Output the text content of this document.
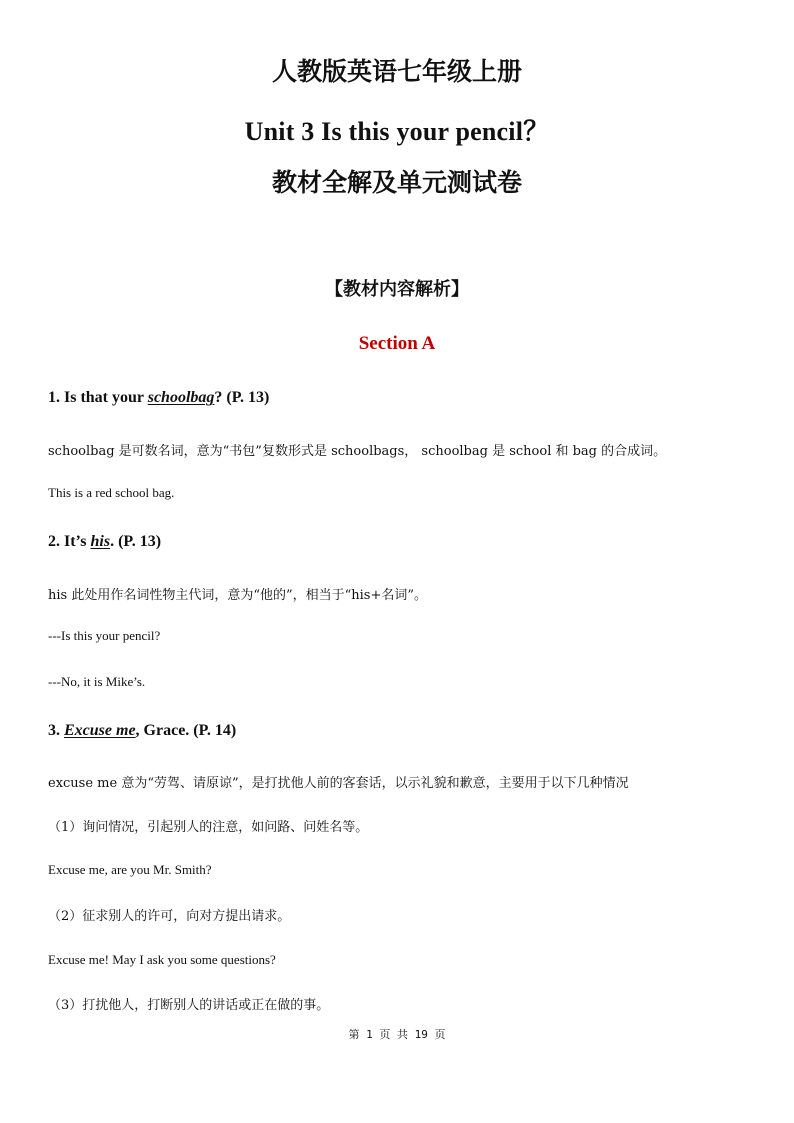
人教版英语七年级上册
Unit 3 Is this your pencil？
教材全解及单元测试卷
【教材内容解析】
Section A
1. Is that your schoolbag? (P. 13)
schoolbag 是可数名词，意为“书包”复数形式是 schoolbags， schoolbag 是 school 和 bag 的合成词。
This is a red school bag.
2. It’s his. (P. 13)
his 此处用作名词性物主代词，意为“他的”，相当于“his+名词”。
---Is this your pencil?
---No, it is Mike’s.
3. Excuse me, Grace. (P. 14)
excuse me 意为“劳驾、请原谅”，是打扰他人前的客套话，以示礼貌和歉意，主要用于以下几种情况
（1）询问情况，引起别人的注意，如问路、问姓名等。
Excuse me, are you Mr. Smith?
（2）征求别人的许可，向对方提出请求。
Excuse me! May I ask you some questions?
（3）打扰他人，打断别人的讲话或正在做的事。
第 1 页 共 19 页
